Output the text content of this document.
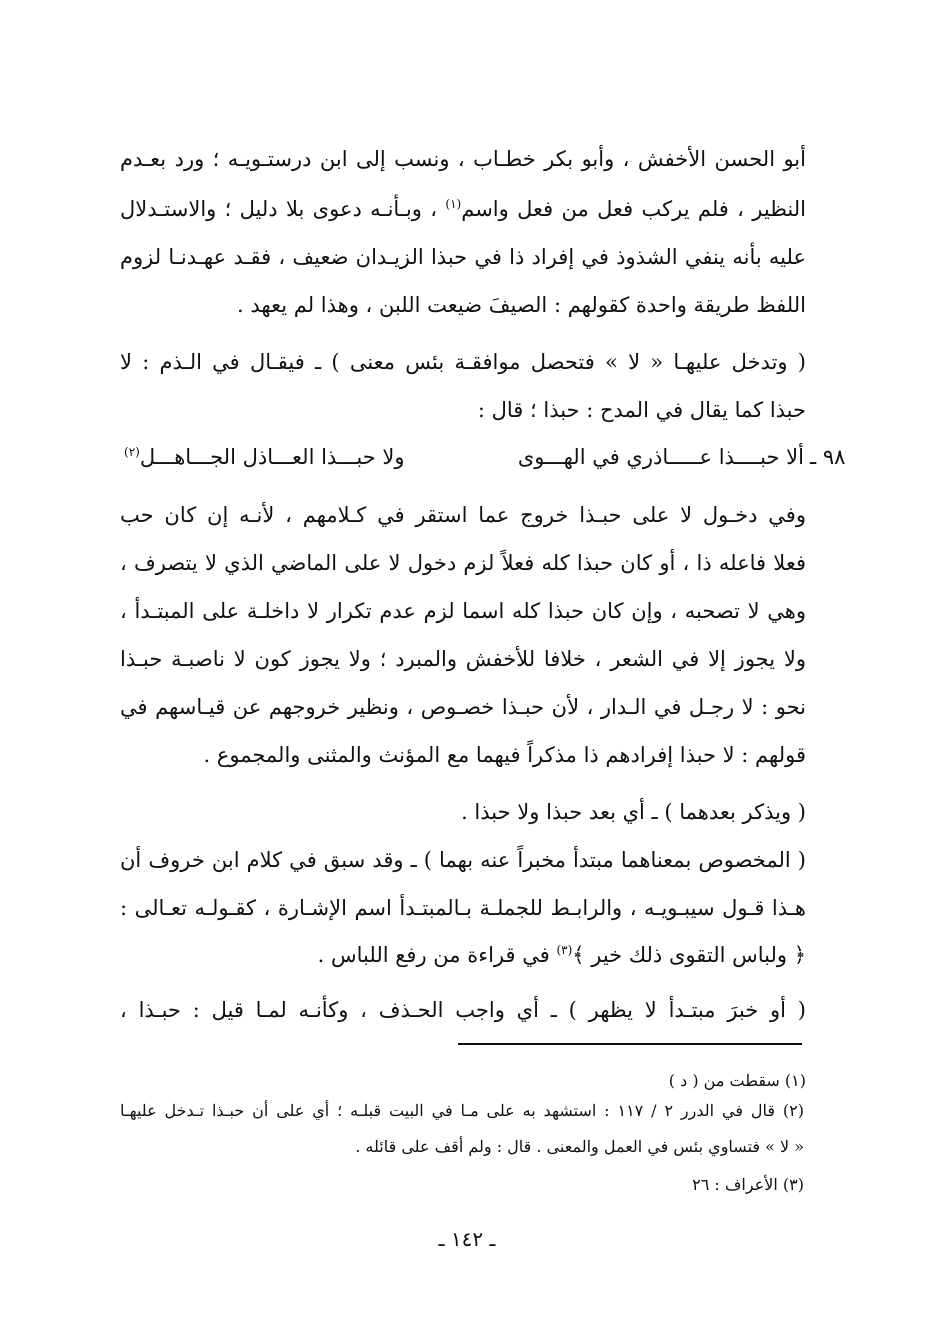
أبو الحسن الأخفش ، وأبو بكر خطـاب ، ونسب إلى ابن درستـويـه ؛ ورد بعـدم
النظير ، فلم يركب فعل من فعل واسم$^{(١)}$ ، وبـأنـه دعوى بلا دليل ؛ والاستـدلال
عليه بأنه ينفي الشذوذ في إفراد ذا في حبذا الزيـدان ضعيف ، فقـد عهـدنـا لزوم
اللفظ طريقة واحدة كقولهم : الصيفَ ضيعت اللبن ، وهذا لم يعهد .
( وتدخل عليهـا « لا » فتحصل موافقـة بئس معنى ) ـ فيقـال في الـذم : لا
حبذا كما يقال في المدح : حبذا ؛ قال :
٩٨ ـ
ألا حبــــذا عـــــاذري في الهـــوى
ولا حبـــذا العـــاذل الجـــاهـــل$^{(٢)}$
وفي دخـول لا على حبـذا خروج عما استقر في كـلامهم ، لأنـه إن كان حب
فعلا فاعله ذا ، أو كان حبذا كله فعلاً لزم دخول لا على الماضي الذي لا يتصرف ،
وهي لا تصحبه ، وإن كان حبذا كله اسما لزم عدم تكرار لا داخلـة على المبتـدأ ،
ولا يجوز إلا في الشعر ، خلافا للأخفش والمبرد ؛ ولا يجوز كون لا ناصبـة حبـذا
نحو : لا رجـل في الـدار ، لأن حبـذا خصـوص ، ونظير خروجهم عن قيـاسهم في
قولهم : لا حبذا إفرادهم ذا مذكراً فيهما مع المؤنث والمثنى والمجموع .
( ويذكر بعدهما ) ـ أي بعد حبذا ولا حبذا .
( المخصوص بمعناهما مبتدأ مخبراً عنه بهما ) ـ وقد سبق في كلام ابن خروف أن
هـذا قـول سيبـويـه ، والرابـط للجملـة بـالمبتـدأ اسم الإشـارة ، كقـولـه تعـالى :
﴿ ولباس التقوى ذلك خير ﴾$^{(٣)}$ في قراءة من رفع اللباس .
( أو خبرَ مبتـدأ لا يظهر ) ـ أي واجب الحـذف ، وكأنـه لمـا قيل : حبـذا ،
(١) سقطت من ( د )
(٢) قال في الدرر ٢ / ١١٧ : استشهد به على مـا في البيت قبلـه ؛ أي على أن حبـذا تـدخل عليهـا
« لا » فتساوي بئس في العمل والمعنى . قال : ولم أقف على قائله .
(٣) الأعراف : ٢٦
ـ ١٤٢ ـ
